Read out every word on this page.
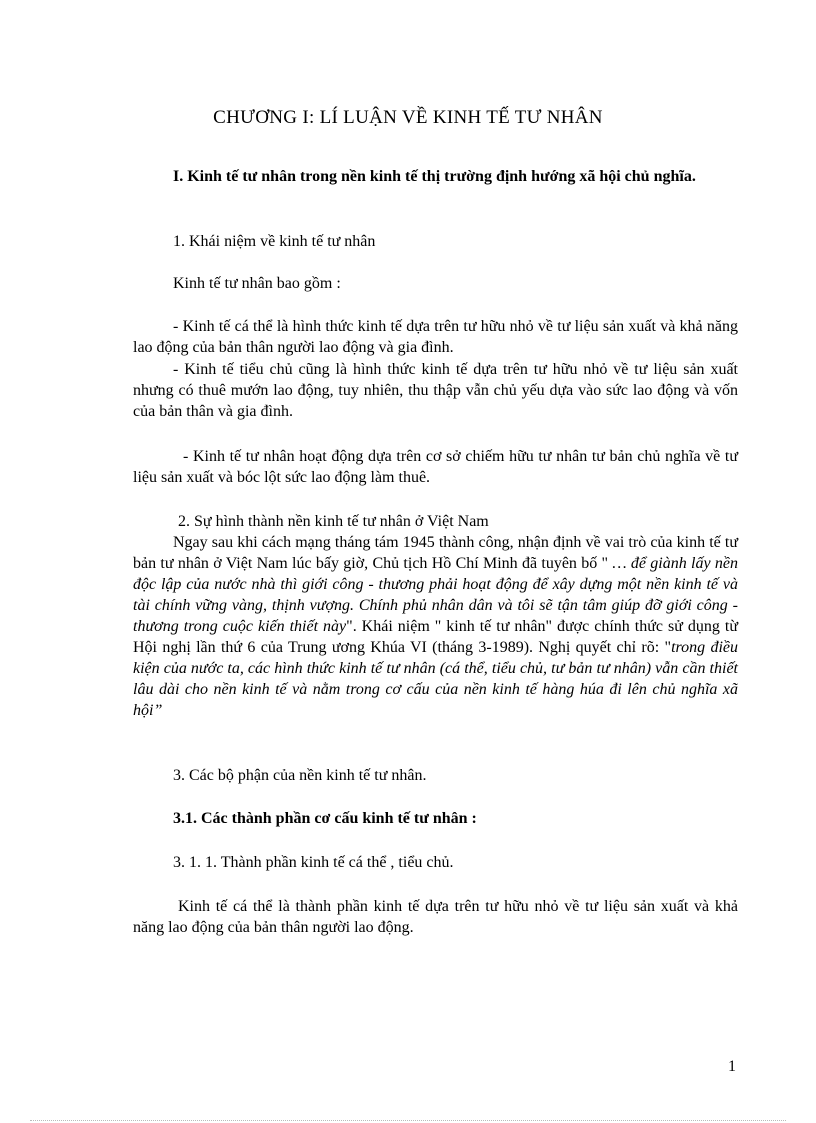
CHƯƠNG I: LÍ LUẬN VỀ KINH TẾ TƯ NHÂN

I. Kinh tế tư nhân trong nền kinh tế thị trường định hướng xã hội chủ nghĩa.

1. Khái niệm về kinh tế tư nhân

Kinh tế tư nhân bao gồm :

- Kinh tế cá thể là hình thức kinh tế dựa trên tư hữu nhỏ về tư liệu sản xuất và khả năng lao động của bản thân người lao động và gia đình.

- Kinh tế tiểu chủ cũng là hình thức kinh tế dựa trên tư hữu nhỏ về tư liệu sản xuất nhưng có thuê mướn lao động, tuy nhiên, thu thập vẫn chủ yếu dựa vào sức lao động và vốn của bản thân và gia đình.

- Kinh tế tư nhân hoạt động dựa trên cơ sở chiếm hữu tư nhân tư bản chủ nghĩa về tư liệu sản xuất và bóc lột sức lao động làm thuê.

2. Sự hình thành nền kinh tế tư nhân ở Việt Nam

Ngay sau khi cách mạng tháng tám 1945 thành công, nhận định về vai trò của kinh tế tư bản tư nhân ở Việt Nam lúc bấy giờ, Chủ tịch Hồ Chí Minh đã tuyên bố " … để giành lấy nền độc lập của nước nhà thì giới công - thương phải hoạt động để xây dựng một nền kinh tế và tài chính vững vàng, thịnh vượng. Chính phủ nhân dân và tôi sẽ tận tâm giúp đỡ giới công - thương trong cuộc kiến thiết này". Khái niệm " kinh tế tư nhân" được chính thức sử dụng từ Hội nghị lần thứ 6 của Trung ương Khúa VI (tháng 3-1989). Nghị quyết chỉ rõ: "trong điều kiện của nước ta, các hình thức kinh tế tư nhân (cá thể, tiểu chủ, tư bản tư nhân) vẫn cần thiết lâu dài cho nền kinh tế và nằm trong cơ cấu của nền kinh tế hàng húa đi lên chủ nghĩa xã hội”

3. Các bộ phận của nền kinh tế tư nhân.

3.1. Các thành phần cơ cấu kinh tế tư nhân :

3. 1. 1. Thành phần kinh tế cá thể , tiểu chủ.

Kinh tế cá thể là thành phần kinh tế dựa trên tư hữu nhỏ về tư liệu sản xuất và khả năng lao động của bản thân người lao động.

1
